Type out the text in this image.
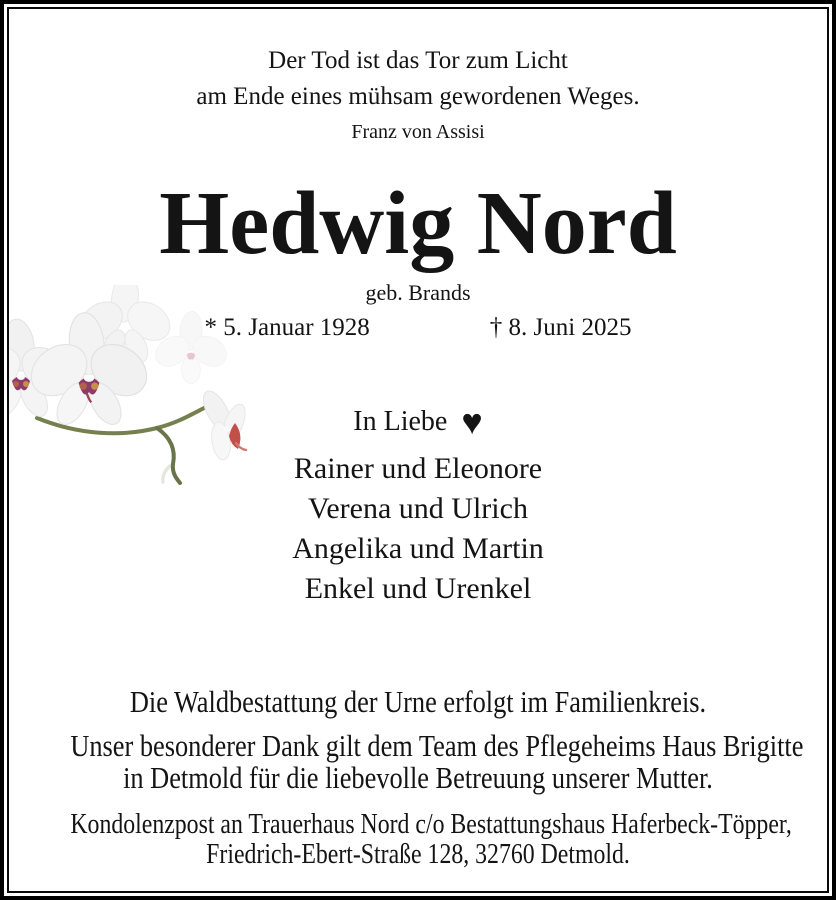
Der Tod ist das Tor zum Licht
am Ende eines mühsam gewordenen Weges.
Franz von Assisi
Hedwig Nord
geb. Brands
* 5. Januar 1928	† 8. Juni 2025
In Liebe ♥
Rainer und Eleonore
Verena und Ulrich
Angelika und Martin
Enkel und Urenkel
Die Waldbestattung der Urne erfolgt im Familienkreis.
Unser besonderer Dank gilt dem Team des Pflegeheims Haus Brigitte
in Detmold für die liebevolle Betreuung unserer Mutter.
Kondolenzpost an Trauerhaus Nord c/o Bestattungshaus Haferbeck-Töpper,
Friedrich-Ebert-Straße 128, 32760 Detmold.
